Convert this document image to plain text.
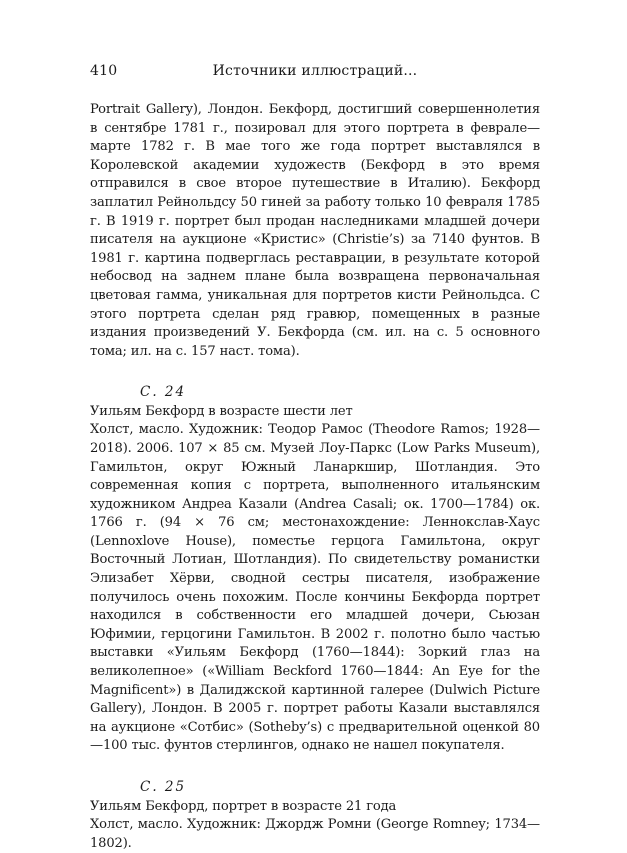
410	Источники иллюстраций...

Portrait Gallery), Лондон. Бекфорд, достигший совершеннолетия в сентябре 1781 г., позировал для этого портрета в феврале—марте 1782 г. В мае того же года портрет выставлялся в Королевской академии художеств (Бекфорд в это время отправился в свое второе путешествие в Италию). Бекфорд заплатил Рейнольдсу 50 гиней за работу только 10 февраля 1785 г. В 1919 г. портрет был продан наследниками младшей дочери писателя на аукционе «Кристис» (Christie’s) за 7140 фунтов. В 1981 г. картина подверглась реставрации, в результате которой небосвод на заднем плане была возвращена первоначальная цветовая гамма, уникальная для портретов кисти Рейнольдса. С этого портрета сделан ряд гравюр, помещенных в разные издания произведений У. Бекфорда (см. ил. на с. 5 основного тома; ил. на с. 157 наст. тома).

С. 24
Уильям Бекфорд в возрасте шести лет

Холст, масло. Художник: Теодор Рамос (Theodore Ramos; 1928—2018). 2006. 107 × 85 см. Музей Лоу-Паркс (Low Parks Museum), Гамильтон, округ Южный Ланаркшир, Шотландия. Это современная копия с портрета, выполненного итальянским художником Андреа Казали (Andrea Casali; ок. 1700—1784) ок. 1766 г. (94 × 76 см; местонахождение: Леннокслав-Хаус (Lennoxlove House), поместье герцога Гамильтона, округ Восточный Лотиан, Шотландия). По свидетельству романистки Элизабет Хёрви, сводной сестры писателя, изображение получилось очень похожим. После кончины Бекфорда портрет находился в собственности его младшей дочери, Сьюзан Юфимии, герцогини Гамильтон. В 2002 г. полотно было частью выставки «Уильям Бекфорд (1760—1844): Зоркий глаз на великолепное» («William Beckford 1760—1844: An Eye for the Magnificent») в Далиджской картинной галерее (Dulwich Picture Gallery), Лондон. В 2005 г. портрет работы Казали выставлялся на аукционе «Сотбис» (Sotheby’s) с предварительной оценкой 80—100 тыс. фунтов стерлингов, однако не нашел покупателя.

С. 25
Уильям Бекфорд, портрет в возрасте 21 года

Холст, масло. Художник: Джордж Ромни (George Romney; 1734—1802).
